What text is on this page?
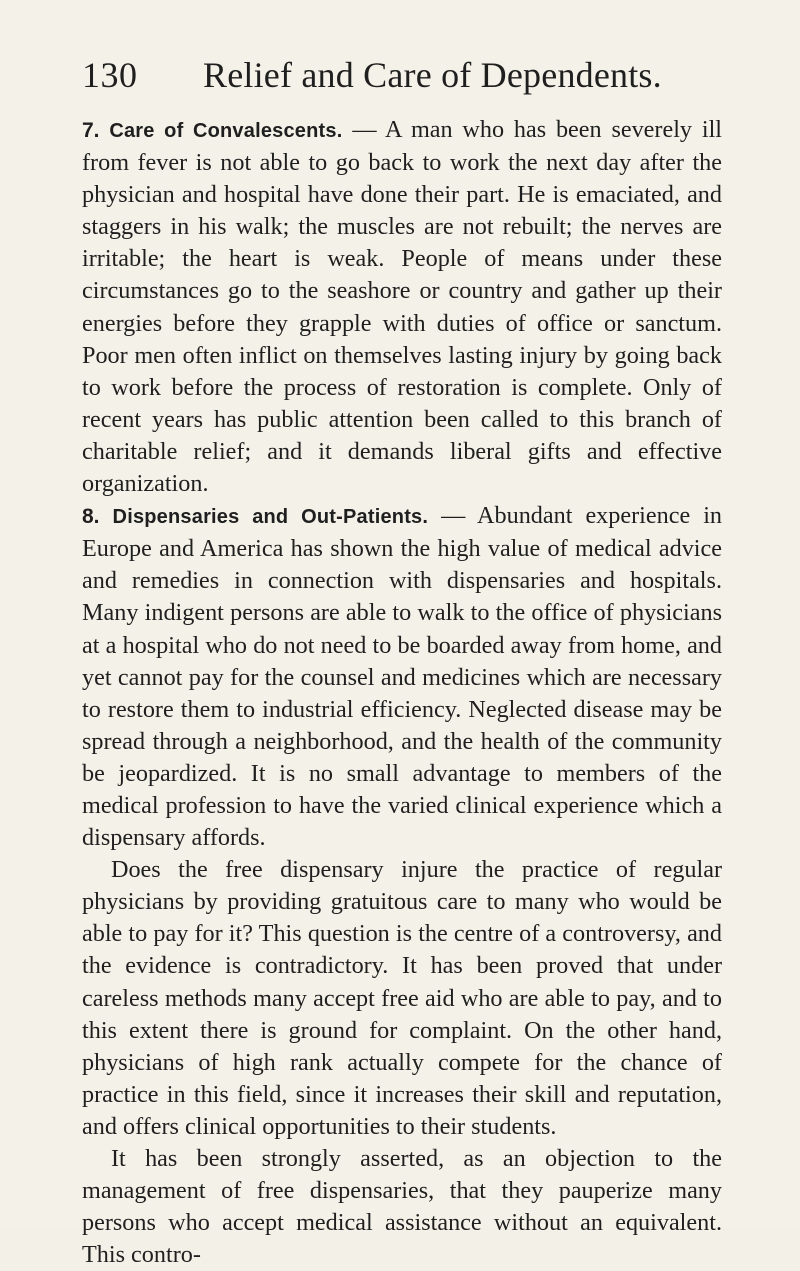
130 Relief and Care of Dependents.

7. Care of Convalescents. — A man who has been severely ill from fever is not able to go back to work the next day after the physician and hospital have done their part. He is emaciated, and staggers in his walk; the muscles are not rebuilt; the nerves are irritable; the heart is weak. People of means under these circumstances go to the seashore or country and gather up their energies before they grapple with duties of office or sanctum. Poor men often inflict on themselves lasting injury by going back to work before the process of restoration is complete. Only of recent years has public attention been called to this branch of charitable relief; and it demands liberal gifts and effective organization.

8. Dispensaries and Out-Patients. — Abundant experience in Europe and America has shown the high value of medical advice and remedies in connection with dispensaries and hospitals. Many indigent persons are able to walk to the office of physicians at a hospital who do not need to be boarded away from home, and yet cannot pay for the counsel and medicines which are necessary to restore them to industrial efficiency. Neglected disease may be spread through a neighborhood, and the health of the community be jeopardized. It is no small advantage to members of the medical profession to have the varied clinical experience which a dispensary affords.

Does the free dispensary injure the practice of regular physicians by providing gratuitous care to many who would be able to pay for it? This question is the centre of a controversy, and the evidence is contradictory. It has been proved that under careless methods many accept free aid who are able to pay, and to this extent there is ground for complaint. On the other hand, physicians of high rank actually compete for the chance of practice in this field, since it increases their skill and reputation, and offers clinical opportunities to their students.

It has been strongly asserted, as an objection to the management of free dispensaries, that they pauperize many persons who accept medical assistance without an equivalent. This contro-
